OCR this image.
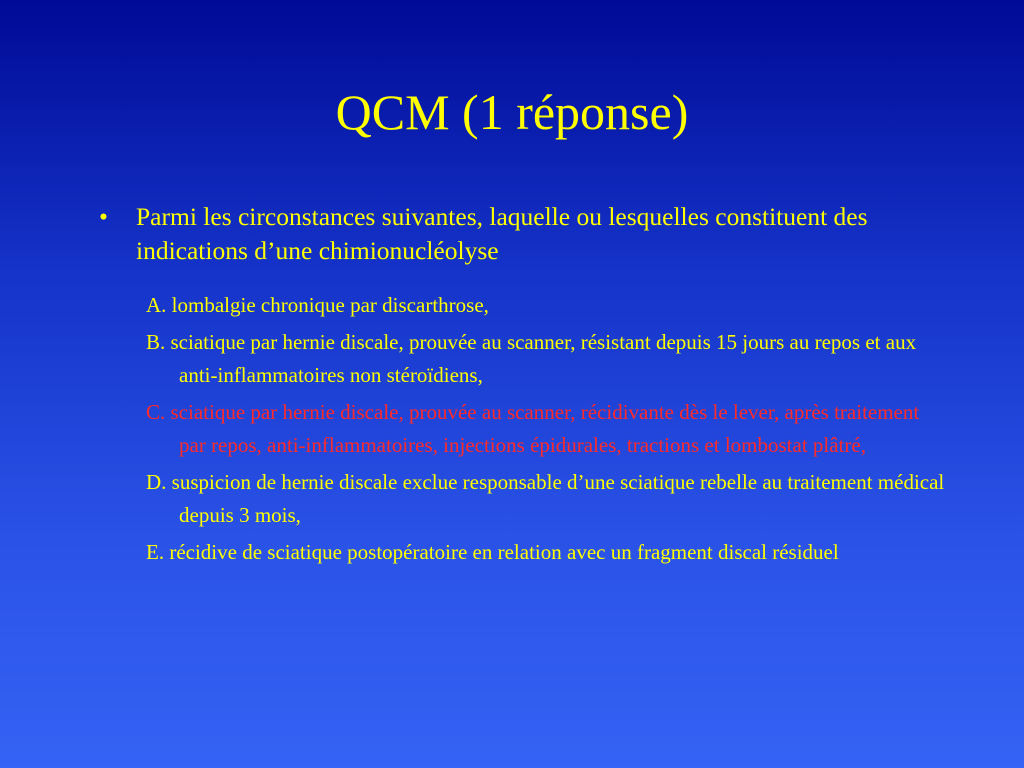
QCM (1 réponse)
•	Parmi les circonstances suivantes, laquelle ou lesquelles constituent des indications d’une chimionucléolyse
A. lombalgie chronique par discarthrose,
B. sciatique par hernie discale, prouvée au scanner, résistant depuis 15 jours au repos et aux anti-inflammatoires non stéroïdiens,
C. sciatique par hernie discale, prouvée au scanner, récidivante dès le lever, après traitement par repos, anti-inflammatoires, injections épidurales, tractions et lombostat plâtré,
D. suspicion de hernie discale exclue responsable d’une sciatique rebelle au traitement médical depuis 3 mois,
E. récidive de sciatique postopératoire en relation avec un fragment discal résiduel
